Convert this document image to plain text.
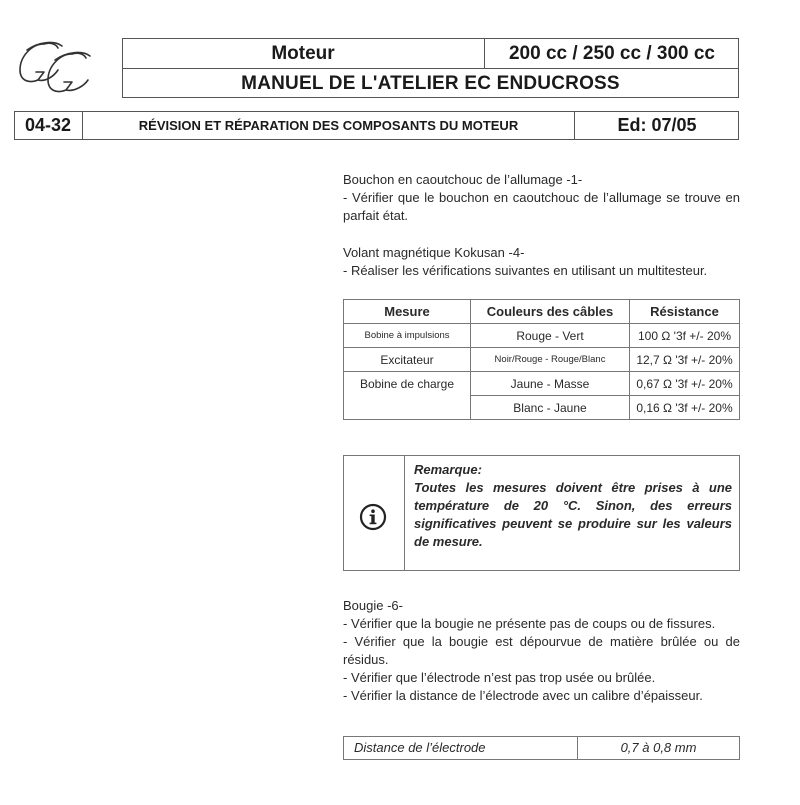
Moteur	200 cc / 250 cc / 300 cc
MANUEL DE L'ATELIER EC ENDUCROSS
04-32	RÉVISION ET RÉPARATION DES COMPOSANTS DU MOTEUR	Ed: 07/05

Bouchon en caoutchouc de l’allumage -1-

- Vérifier que le bouchon en caoutchouc de l’allumage se trouve en parfait état.

Volant magnétique Kokusan -4-

- Réaliser les vérifications suivantes en utilisant un multitesteur.

Mesure	Couleurs des câbles	Résistance
Bobine à impulsions	Rouge - Vert	100 Ω '3f +/- 20%
Excitateur	Noir/Rouge - Rouge/Blanc	12,7 Ω '3f +/- 20%
Bobine de charge	Jaune - Masse	0,67 Ω '3f +/- 20%
	Blanc - Jaune	0,16 Ω '3f +/- 20%

Remarque:

Toutes les mesures doivent être prises à une température de 20 °C. Sinon, des erreurs significatives peuvent se produire sur les valeurs de mesure.

Bougie -6-

- Vérifier que la bougie ne présente pas de coups ou de fissures.

- Vérifier que la bougie est dépourvue de matière brûlée ou de résidus.

- Vérifier que l’électrode n’est pas trop usée ou brûlée.

- Vérifier la distance de l’électrode avec un calibre d’épaisseur.

Distance de l’électrode	0,7 à 0,8 mm
